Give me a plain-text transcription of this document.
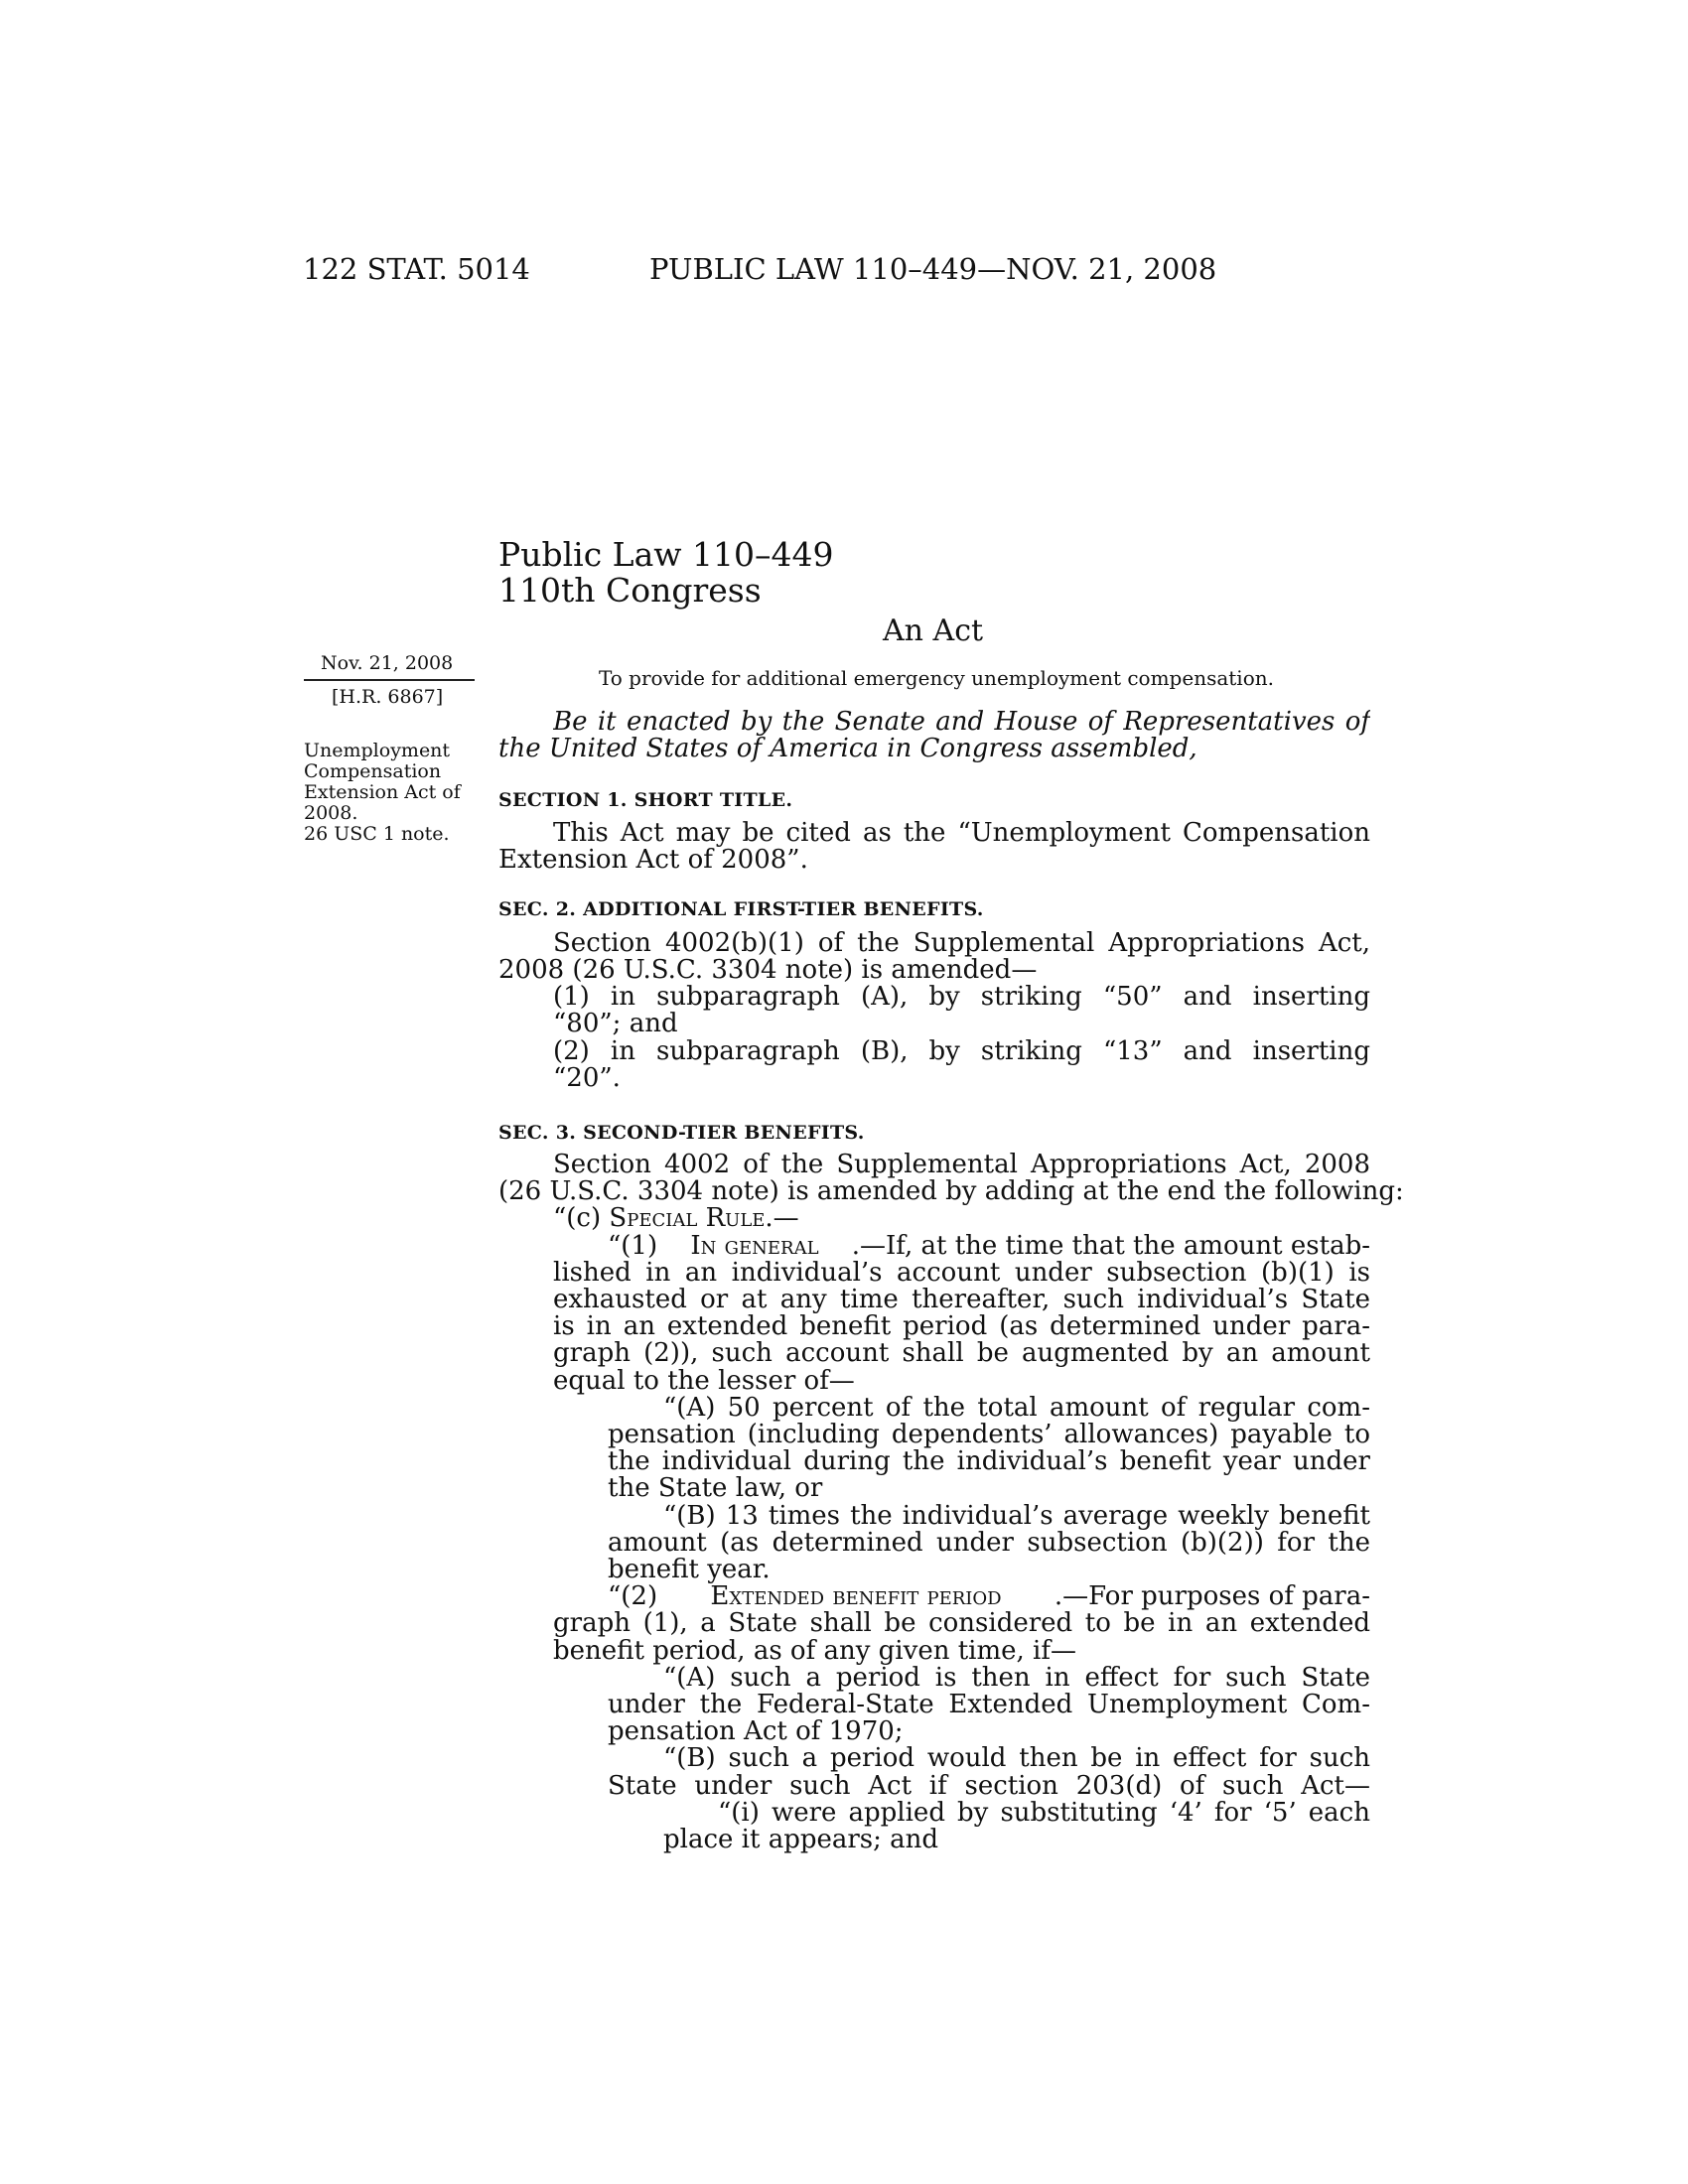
122 STAT. 5014	PUBLIC LAW 110–449—NOV. 21, 2008
Public Law 110–449
110th Congress
An Act
To provide for additional emergency unemployment compensation.
Nov. 21, 2008
[H.R. 6867]
Unemployment
Compensation
Extension Act of
2008.
26 USC 1 note.
Be it enacted by the Senate and House of Representatives of
the United States of America in Congress assembled,
SECTION 1. SHORT TITLE.
This Act may be cited as the “Unemployment Compensation
Extension Act of 2008”.
SEC. 2. ADDITIONAL FIRST-TIER BENEFITS.
Section 4002(b)(1) of the Supplemental Appropriations Act,
2008 (26 U.S.C. 3304 note) is amended—
(1) in subparagraph (A), by striking “50” and inserting
“80”; and
(2) in subparagraph (B), by striking “13” and inserting
“20”.
SEC. 3. SECOND-TIER BENEFITS.
Section 4002 of the Supplemental Appropriations Act, 2008
(26 U.S.C. 3304 note) is amended by adding at the end the following:
“(c) Special Rule.—
“(1) In general .—If, at the time that the amount estab-
lished in an individual’s account under subsection (b)(1) is
exhausted or at any time thereafter, such individual’s State
is in an extended benefit period (as determined under para-
graph (2)), such account shall be augmented by an amount
equal to the lesser of—
“(A) 50 percent of the total amount of regular com-
pensation (including dependents’ allowances) payable to
the individual during the individual’s benefit year under
the State law, or
“(B) 13 times the individual’s average weekly benefit
amount (as determined under subsection (b)(2)) for the
benefit year.
“(2) Extended benefit period .—For purposes of para-
graph (1), a State shall be considered to be in an extended
benefit period, as of any given time, if—
“(A) such a period is then in effect for such State
under the Federal-State Extended Unemployment Com-
pensation Act of 1970;
“(B) such a period would then be in effect for such
State under such Act if section 203(d) of such Act—
“(i) were applied by substituting ‘4’ for ‘5’ each
place it appears; and
